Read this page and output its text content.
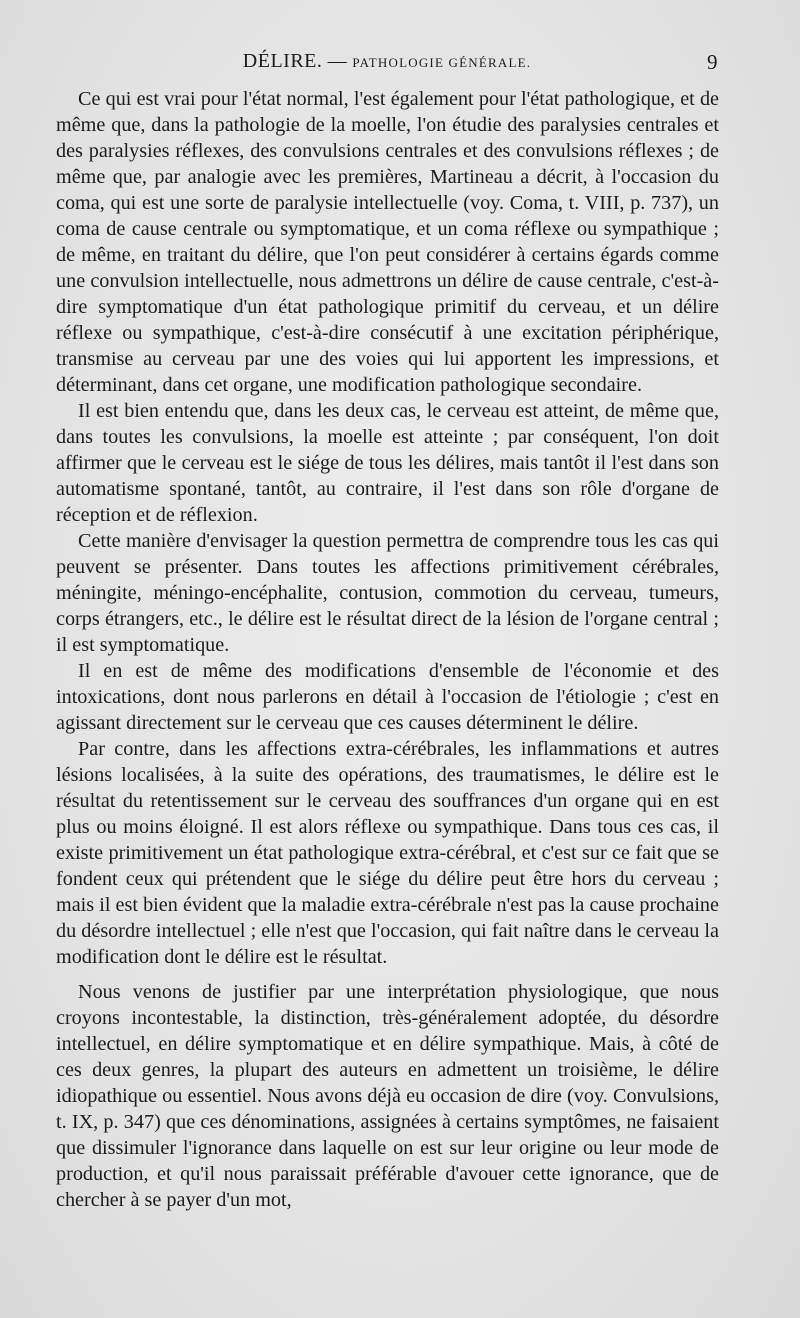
DÉLIRE. — PATHOLOGIE GÉNÉRALE.	9

Ce qui est vrai pour l'état normal, l'est également pour l'état pathologique, et de même que, dans la pathologie de la moelle, l'on étudie des paralysies centrales et des paralysies réflexes, des convulsions centrales et des convulsions réflexes ; de même que, par analogie avec les premières, Martineau a décrit, à l'occasion du coma, qui est une sorte de paralysie intellectuelle (voy. Coma, t. VIII, p. 737), un coma de cause centrale ou symptomatique, et un coma réflexe ou sympathique ; de même, en traitant du délire, que l'on peut considérer à certains égards comme une convulsion intellectuelle, nous admettrons un délire de cause centrale, c'est-à-dire symptomatique d'un état pathologique primitif du cerveau, et un délire réflexe ou sympathique, c'est-à-dire consécutif à une excitation périphérique, transmise au cerveau par une des voies qui lui apportent les impressions, et déterminant, dans cet organe, une modification pathologique secondaire.

Il est bien entendu que, dans les deux cas, le cerveau est atteint, de même que, dans toutes les convulsions, la moelle est atteinte ; par conséquent, l'on doit affirmer que le cerveau est le siége de tous les délires, mais tantôt il l'est dans son automatisme spontané, tantôt, au contraire, il l'est dans son rôle d'organe de réception et de réflexion.

Cette manière d'envisager la question permettra de comprendre tous les cas qui peuvent se présenter. Dans toutes les affections primitivement cérébrales, méningite, méningo-encéphalite, contusion, commotion du cerveau, tumeurs, corps étrangers, etc., le délire est le résultat direct de la lésion de l'organe central ; il est symptomatique.

Il en est de même des modifications d'ensemble de l'économie et des intoxications, dont nous parlerons en détail à l'occasion de l'étiologie ; c'est en agissant directement sur le cerveau que ces causes déterminent le délire.

Par contre, dans les affections extra-cérébrales, les inflammations et autres lésions localisées, à la suite des opérations, des traumatismes, le délire est le résultat du retentissement sur le cerveau des souffrances d'un organe qui en est plus ou moins éloigné. Il est alors réflexe ou sympathique. Dans tous ces cas, il existe primitivement un état pathologique extra-cérébral, et c'est sur ce fait que se fondent ceux qui prétendent que le siége du délire peut être hors du cerveau ; mais il est bien évident que la maladie extra-cérébrale n'est pas la cause prochaine du désordre intellectuel ; elle n'est que l'occasion, qui fait naître dans le cerveau la modification dont le délire est le résultat.

Nous venons de justifier par une interprétation physiologique, que nous croyons incontestable, la distinction, très-généralement adoptée, du désordre intellectuel, en délire symptomatique et en délire sympathique. Mais, à côté de ces deux genres, la plupart des auteurs en admettent un troisième, le délire idiopathique ou essentiel. Nous avons déjà eu occasion de dire (voy. Convulsions, t. IX, p. 347) que ces dénominations, assignées à certains symptômes, ne faisaient que dissimuler l'ignorance dans laquelle on est sur leur origine ou leur mode de production, et qu'il nous paraissait préférable d'avouer cette ignorance, que de chercher à se payer d'un mot,
